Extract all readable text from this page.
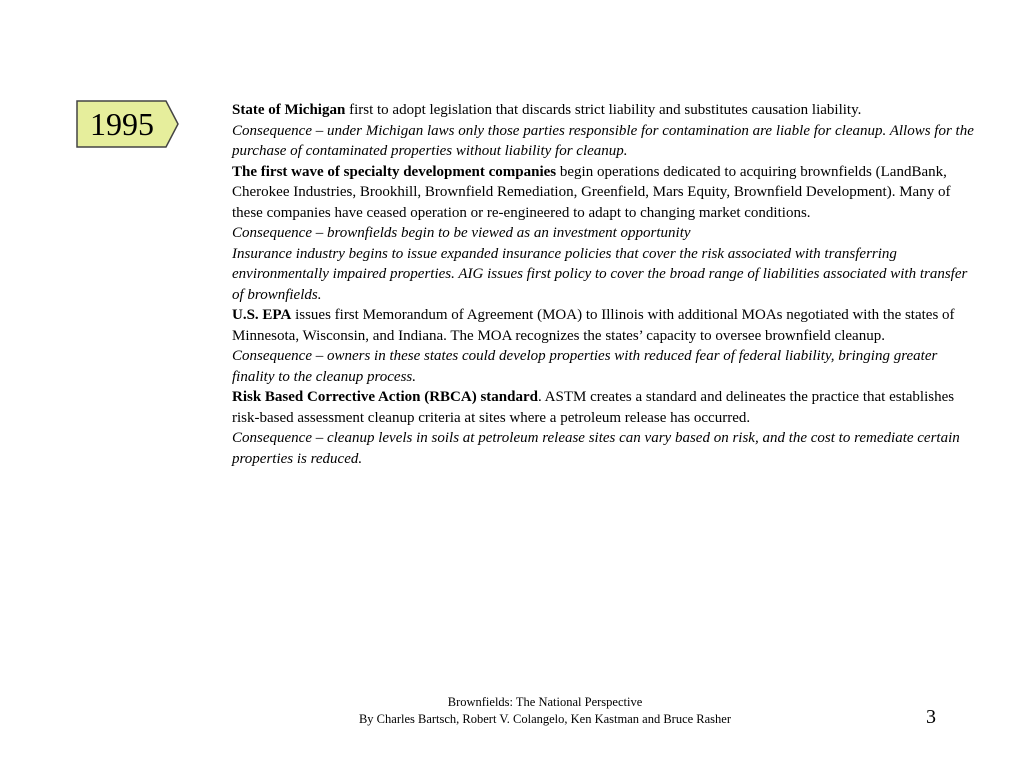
1995	State of Michigan first to adopt legislation that discards strict liability and substitutes causation liability.

Consequence – under Michigan laws only those parties responsible for contamination are liable for cleanup. Allows for the purchase of contaminated properties without liability for cleanup.

The first wave of specialty development companies begin operations dedicated to acquiring brownfields (LandBank, Cherokee Industries, Brookhill, Brownfield Remediation, Greenfield, Mars Equity, Brownfield Development). Many of these companies have ceased operation or re-engineered to adapt to changing market conditions.

Consequence – brownfields begin to be viewed as an investment opportunity

Insurance industry begins to issue expanded insurance policies that cover the risk associated with transferring environmentally impaired properties. AIG issues first policy to cover the broad range of liabilities associated with transfer of brownfields.

U.S. EPA issues first Memorandum of Agreement (MOA) to Illinois with additional MOAs negotiated with the states of Minnesota, Wisconsin, and Indiana. The MOA recognizes the states’ capacity to oversee brownfield cleanup.

Consequence – owners in these states could develop properties with reduced fear of federal liability, bringing greater finality to the cleanup process.

Risk Based Corrective Action (RBCA) standard. ASTM creates a standard and delineates the practice that establishes risk-based assessment cleanup criteria at sites where a petroleum release has occurred.

Consequence – cleanup levels in soils at petroleum release sites can vary based on risk, and the cost to remediate certain properties is reduced.

Brownfields: The National Perspective
By Charles Bartsch, Robert V. Colangelo, Ken Kastman and Bruce Rasher	3
